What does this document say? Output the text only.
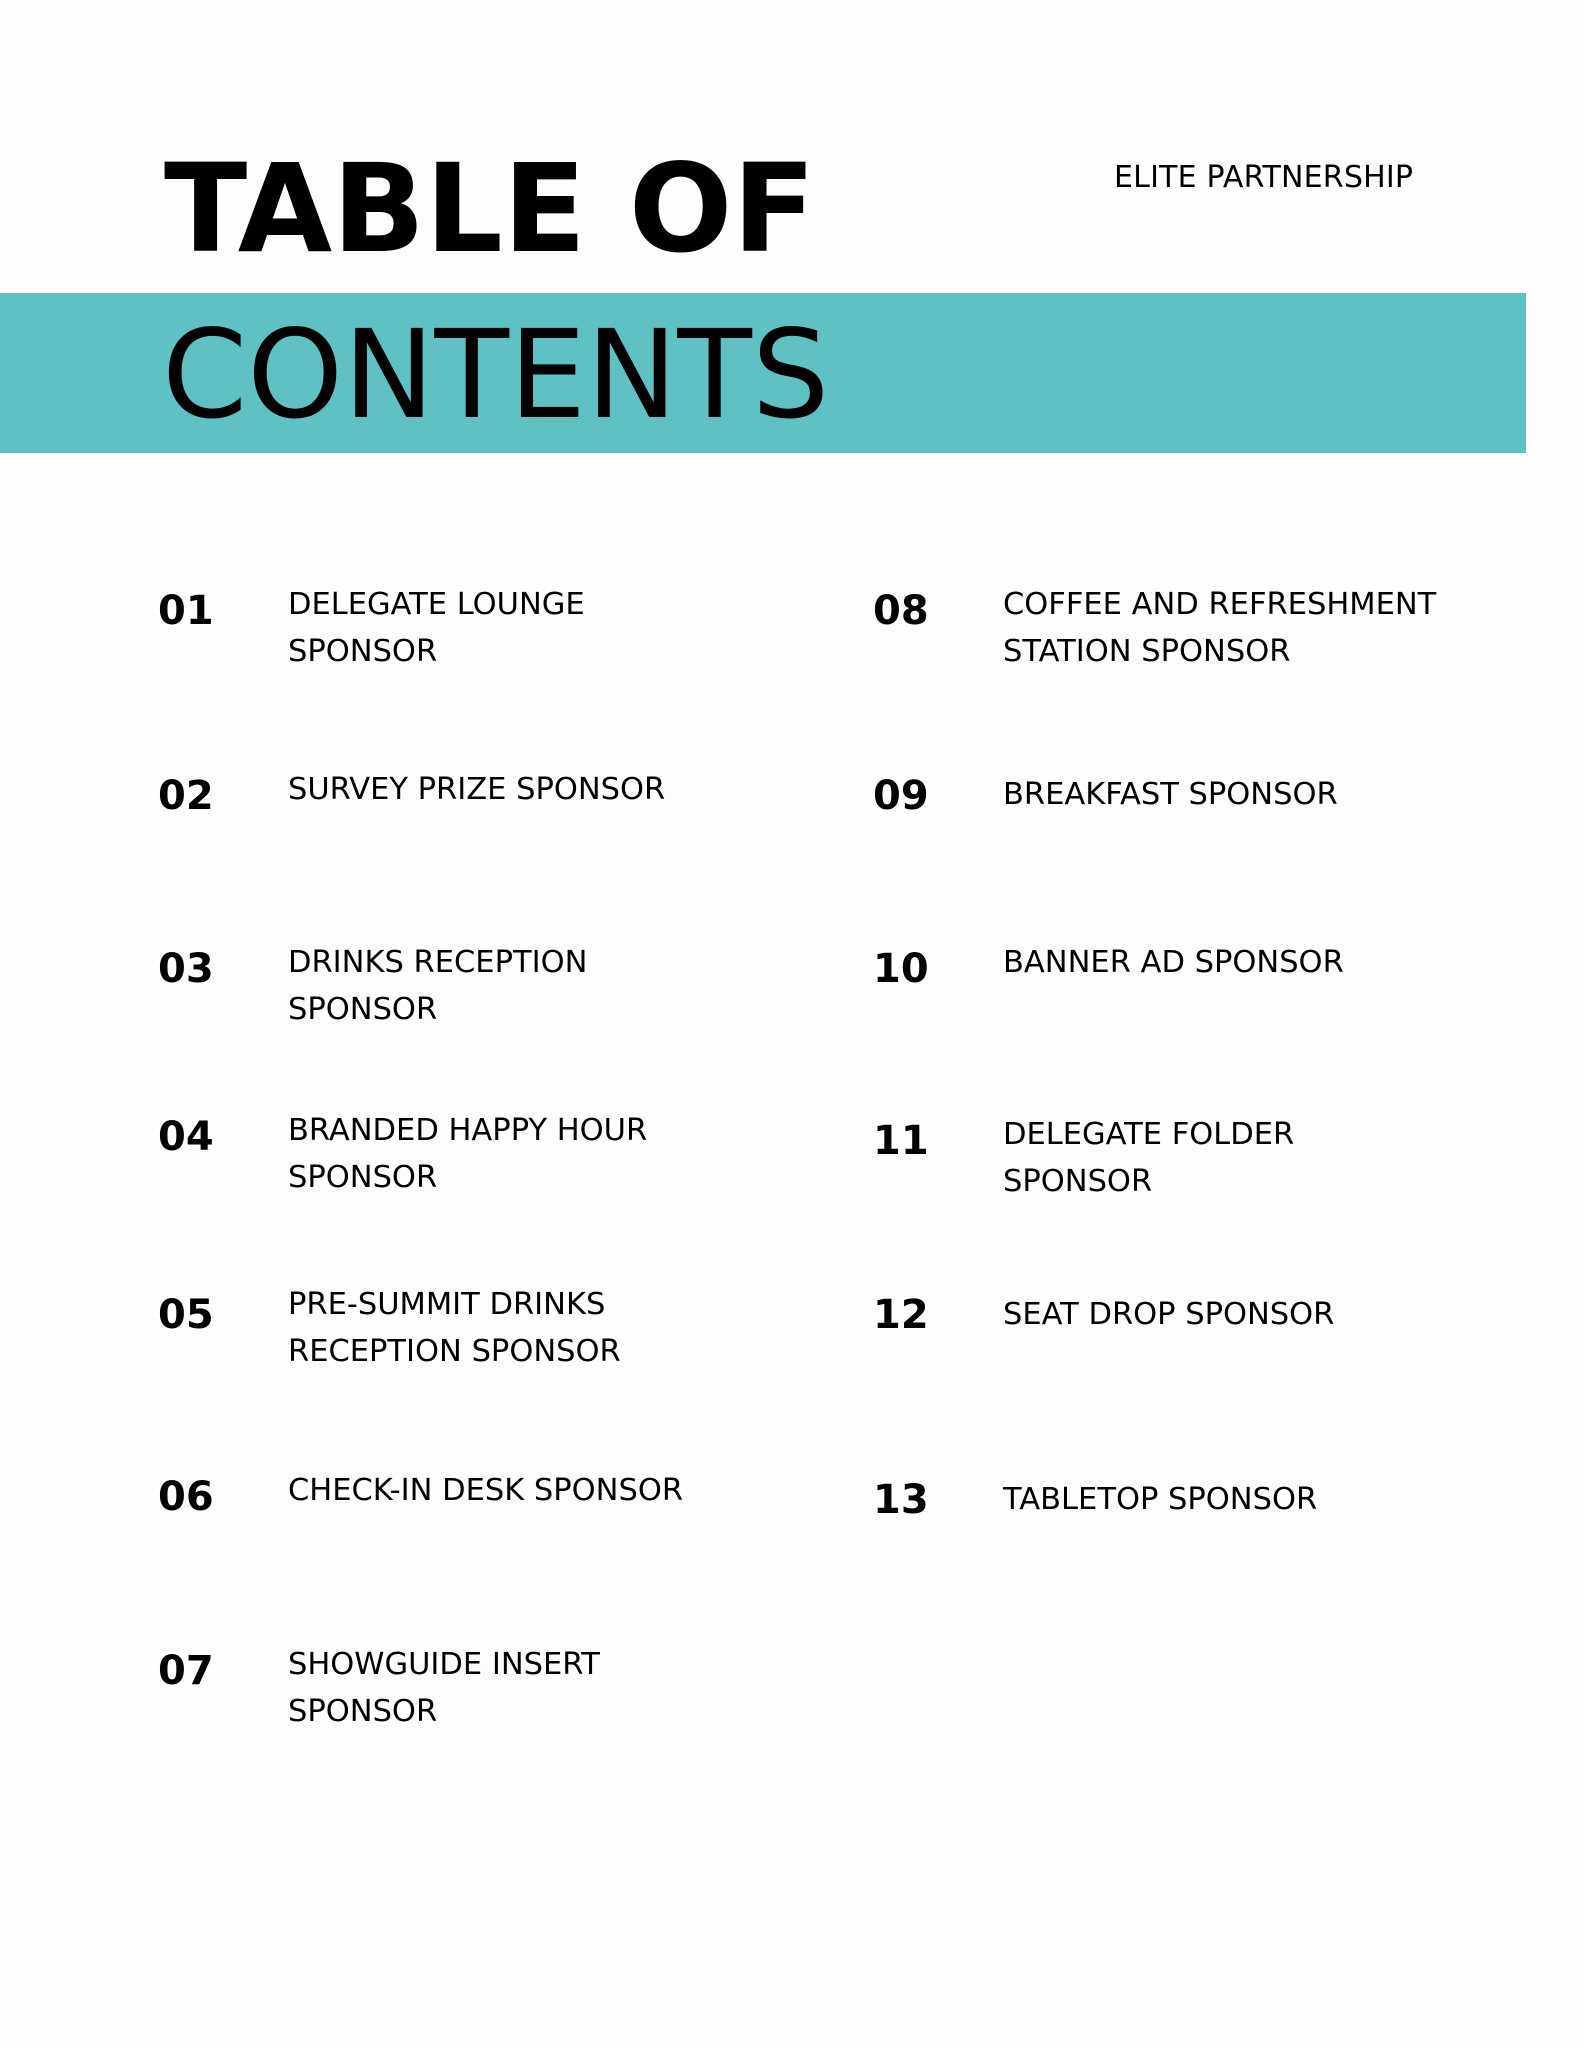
TABLE OF
CONTENTS
ELITE PARTNERSHIP
01 DELEGATE LOUNGE SPONSOR
02 SURVEY PRIZE SPONSOR
03 DRINKS RECEPTION SPONSOR
04 BRANDED HAPPY HOUR SPONSOR
05 PRE-SUMMIT DRINKS RECEPTION SPONSOR
06 CHECK-IN DESK SPONSOR
07 SHOWGUIDE INSERT SPONSOR
08 COFFEE AND REFRESHMENT STATION SPONSOR
09 BREAKFAST SPONSOR
10 BANNER AD SPONSOR
11 DELEGATE FOLDER SPONSOR
12 SEAT DROP SPONSOR
13 TABLETOP SPONSOR
